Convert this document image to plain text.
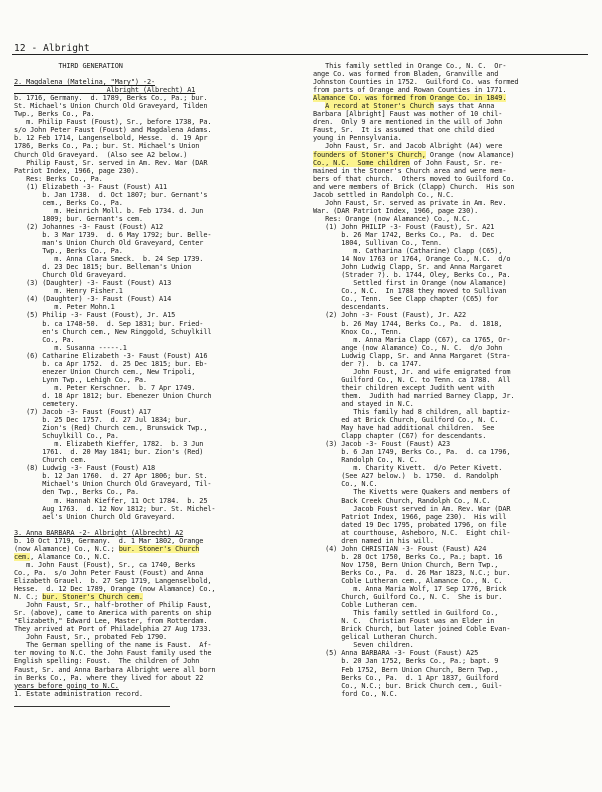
12 - Albright
THIRD GENERATION
2. Magdalena (Matelina, "Mary") -2-
Albright (Albrecht) A1
b. 1716, Germany.  d. 1789, Berks Co., Pa.; bur.
St. Michael's Union Church Old Graveyard, Tilden
Twp., Berks Co., Pa.
m. Philip Faust (Foust), Sr., before 1738, Pa.
s/o John Peter Faust (Foust) and Magdalena Adams.
b. 12 Feb 1714, Langenselbold, Hesse.  d. 19 Apr
1786, Berks Co., Pa.; bur. St. Michael's Union
Church Old Graveyard.  (Also see A2 below.)
Philip Faust, Sr. served in Am. Rev. War (DAR
Patriot Index, 1966, page 230).
Res: Berks Co., Pa.
(1) Elizabeth -3- Faust (Foust) A11
b. Jan 1738.  d. Oct 1807; bur. Gernant's
cem., Berks Co., Pa.
m. Heinrich Moll. b. Feb 1734. d. Jun
1809; bur. Gernant's cem.
(2) Johannes -3- Faust (Foust) A12
b. 3 Mar 1739.  d. 6 May 1792; bur. Belle-
man's Union Church Old Graveyard, Center
Twp., Berks Co., Pa.
m. Anna Clara Smeck.  b. 24 Sep 1739.
d. 23 Dec 1815; bur. Belleman's Union
Church Old Graveyard.
(3) (Daughter) -3- Faust (Foust) A13
m. Henry Fisher.1
(4) (Daughter) -3- Faust (Foust) A14
m. Peter Mohn.1
(5) Philip -3- Faust (Foust), Jr. A15
b. ca 1748-50.  d. Sep 1831; bur. Fried-
en's Church cem., New Ringgold, Schuylkill
Co., Pa.
m. Susanna -----.1
(6) Catharine Elizabeth -3- Faust (Foust) A16
b. ca Apr 1752.  d. 25 Dec 1815; bur. Eb-
enezer Union Church cem., New Tripoli,
Lynn Twp., Lehigh Co., Pa.
m. Peter Kerschner.  b. 7 Apr 1749.
d. 18 Apr 1812; bur. Ebenezer Union Church
cemetery.
(7) Jacob -3- Faust (Foust) A17
b. 25 Dec 1757.  d. 27 Jul 1834; bur.
Zion's (Red) Church cem., Brunswick Twp.,
Schuylkill Co., Pa.
m. Elizabeth Kieffer, 1782.  b. 3 Jun
1761.  d. 20 May 1841; bur. Zion's (Red)
Church cem.
(8) Ludwig -3- Faust (Foust) A18
b. 12 Jan 1760.  d. 27 Apr 1806; bur. St.
Michael's Union Church Old Graveyard, Til-
den Twp., Berks Co., Pa.
m. Hannah Kieffer, 11 Oct 1784.  b. 25
Aug 1763.  d. 12 Nov 1812; bur. St. Michel-
ael's Union Church Old Graveyard.
3. Anna BARBARA -2- Albright (Albrecht) A2
b. 10 Oct 1719, Germany.  d. 1 Mar 1802, Orange
(now Alamance) Co., N.C.; bur. Stoner's Church
cem., Alamance Co., N.C.
m. John Faust (Foust), Sr., ca 1740, Berks
Co., Pa.  s/o John Peter Faust (Foust) and Anna
Elizabeth Grauel.  b. 27 Sep 1719, Langenselbold,
Hesse.  d. 12 Dec 1789, Orange (now Alamance) Co.,
N. C.; bur. Stoner's Church cem.
John Faust, Sr., half-brother of Philip Faust,
Sr. (above), came to America with parents on ship
"Elizabeth," Edward Lee, Master, from Rotterdam.
They arrived at Port of Philadelphia 27 Aug 1733.
John Faust, Sr., probated Feb 1790.
The German spelling of the name is Faust.  Af-
ter moving to N.C. the John Faust family used the
English spelling: Foust.  The children of John
Faust, Sr. and Anna Barbara Albright were all born
in Berks Co., Pa. where they lived for about 22
years before going to N.C.
1. Estate administration record.
This family settled in Orange Co., N. C.  Or-
ange Co. was formed from Bladen, Granville and
Johnston Counties in 1752.  Guilford Co. was formed
from parts of Orange and Rowan Counties in 1771.
Alamance Co. was formed from Orange Co. in 1849.
A record at Stoner's Church says that Anna
Barbara [Albright] Faust was mother of 10 chil-
dren.  Only 9 are mentioned in the will of John
Faust, Sr.  It is assumed that one child died
young in Pennsylvania.
John Faust, Sr. and Jacob Albright (A4) were
founders of Stoner's Church, Orange (now Alamance)
Co., N.C.  Some children of John Faust, Sr. re-
mained in the Stoner's Church area and were mem-
bers of that church.  Others moved to Guilford Co.
and were members of Brick (Clapp) Church.  His son
Jacob settled in Randolph Co., N.C.
John Faust, Sr. served as private in Am. Rev.
War. (DAR Patriot Index, 1966, page 230).
Res: Orange (now Alamance) Co., N.C.
(1) John PHILIP -3- Foust (Faust), Sr. A21
b. 26 Mar 1742, Berks Co., Pa.  d. Dec
1804, Sullivan Co., Tenn.
m. Catharina (Catharine) Clapp (C65),
14 Nov 1763 or 1764, Orange Co., N.C.  d/o
John Ludwig Clapp, Sr. and Anna Margaret
(Strader ?). b. 1744, Oley, Berks Co., Pa.
Settled first in Orange (now Alamance)
Co., N.C.  In 1788 they moved to Sullivan
Co., Tenn.  See Clapp chapter (C65) for
descendants.
(2) John -3- Foust (Faust), Jr. A22
b. 26 May 1744, Berks Co., Pa.  d. 1818,
Knox Co., Tenn.
m. Anna Maria Clapp (C67), ca 1765, Or-
ange (now Alamance) Co., N. C.  d/o John
Ludwig Clapp, Sr. and Anna Margaret (Stra-
der ?).  b. ca 1747.
John Foust, Jr. and wife emigrated from
Guilford Co., N. C. to Tenn. ca 1788.  All
their children except Judith went with
them.  Judith had married Barney Clapp, Jr.
and stayed in N.C.
This family had 8 children, all baptiz-
ed at Brick Church, Guilford Co., N. C.
May have had additional children.  See
Clapp chapter (C67) for descendants.
(3) Jacob -3- Foust (Faust) A23
b. 6 Jan 1749, Berks Co., Pa.  d. ca 1796,
Randolph Co., N. C.
m. Charity Kivett.  d/o Peter Kivett.
(See A27 below.)  b. 1750.  d. Randolph
Co., N.C.
The Kivetts were Quakers and members of
Back Creek Church, Randolph Co., N.C.
Jacob Foust served in Am. Rev. War (DAR
Patriot Index, 1966, page 230).  His will
dated 19 Dec 1795, probated 1796, on file
at courthouse, Asheboro, N.C.  Eight chil-
dren named in his will.
(4) John CHRISTIAN -3- Foust (Faust) A24
b. 28 Oct 1750, Berks Co., Pa.; bapt. 16
Nov 1750, Bern Union Church, Bern Twp.,
Berks Co., Pa.  d. 26 Mar 1823, N.C.; bur.
Coble Lutheran cem., Alamance Co., N. C.
m. Anna Maria Wolf, 17 Sep 1776, Brick
Church, Guilford Co., N. C.  She is bur.
Coble Lutheran cem.
This family settled in Guilford Co.,
N. C.  Christian Foust was an Elder in
Brick Church, but later joined Coble Evan-
gelical Lutheran Church.
Seven children.
(5) Anna BARBARA -3- Foust (Faust) A25
b. 20 Jan 1752, Berks Co., Pa.; bapt. 9
Feb 1752, Bern Union Church, Bern Twp.,
Berks Co., Pa.  d. 1 Apr 1837, Guilford
Co., N.C.; bur. Brick Church cem., Guil-
ford Co., N.C.
